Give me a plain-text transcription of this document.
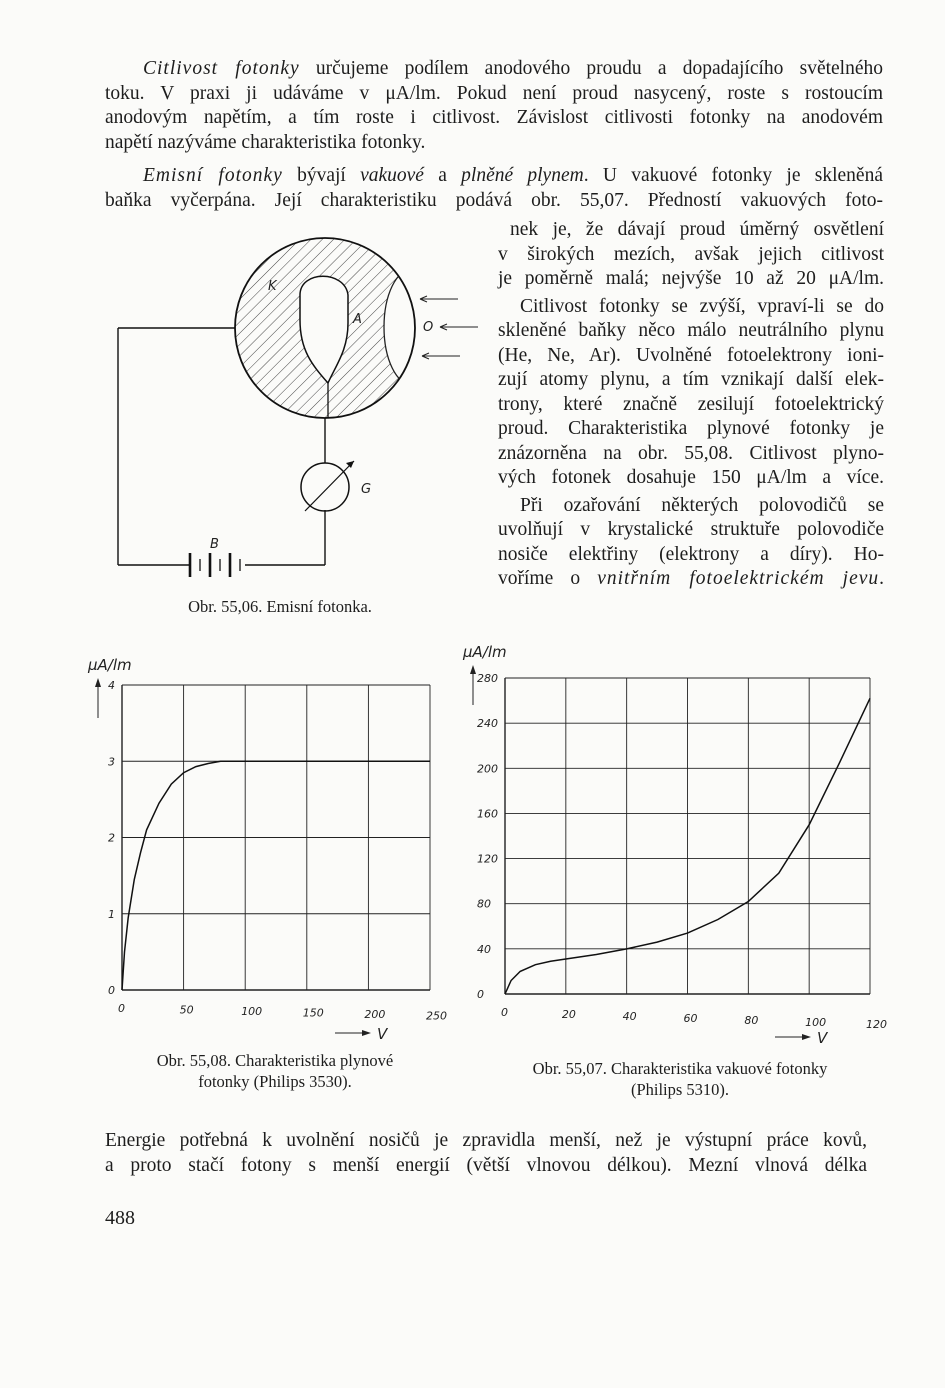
Citlivost fotonky určujeme podílem anodového proudu a dopadajícího světelného
toku. V praxi ji udáváme v μA/lm. Pokud není proud nasycený, roste s rostoucím
anodovým napětím, a tím roste i citlivost. Závislost citlivosti fotonky na anodovém
napětí nazýváme charakteristika fotonky.
Emisní fotonky bývají vakuové a plněné plynem. U vakuové fotonky je skleněná
baňka vyčerpána. Její charakteristiku podává obr. 55,07. Předností vakuových foto-
nek je, že dávají proud úměrný osvětlení
v širokých mezích, avšak jejich citlivost
je poměrně malá; nejvýše 10 až 20 μA/lm.
Citlivost fotonky se zvýší, vpraví-li se do
skleněné baňky něco málo neutrálního plynu
(He, Ne, Ar). Uvolněné fotoelektrony ioni-
zují atomy plynu, a tím vznikají další elek-
trony, které značně zesilují fotoelektrický
proud. Charakteristika plynové fotonky je
znázorněna na obr. 55,08. Citlivost plyno-
vých fotonek dosahuje 150 μA/lm a více.
Při ozařování některých polovodičů se
uvolňují v krystalické struktuře polovodiče
nosiče elektřiny (elektrony a díry). Ho-
voříme o vnitřním fotoelektrickém jevu.
K
A
O
G
B
Obr. 55,06. Emisní fotonka.
0	50	100	150	200	250
0
1
2
3
4
μA/lm
V
Obr. 55,08. Charakteristika plynové
fotonky (Philips 3530).
0	20	40	60	80	100	120
0
40
80
120
160
200
240
280
μA/lm
V
Obr. 55,07. Charakteristika vakuové fotonky
(Philips 5310).
Energie potřebná k uvolnění nosičů je zpravidla menší, než je výstupní práce kovů,
a proto stačí fotony s menší energií (větší vlnovou délkou). Mezní vlnová délka
488
